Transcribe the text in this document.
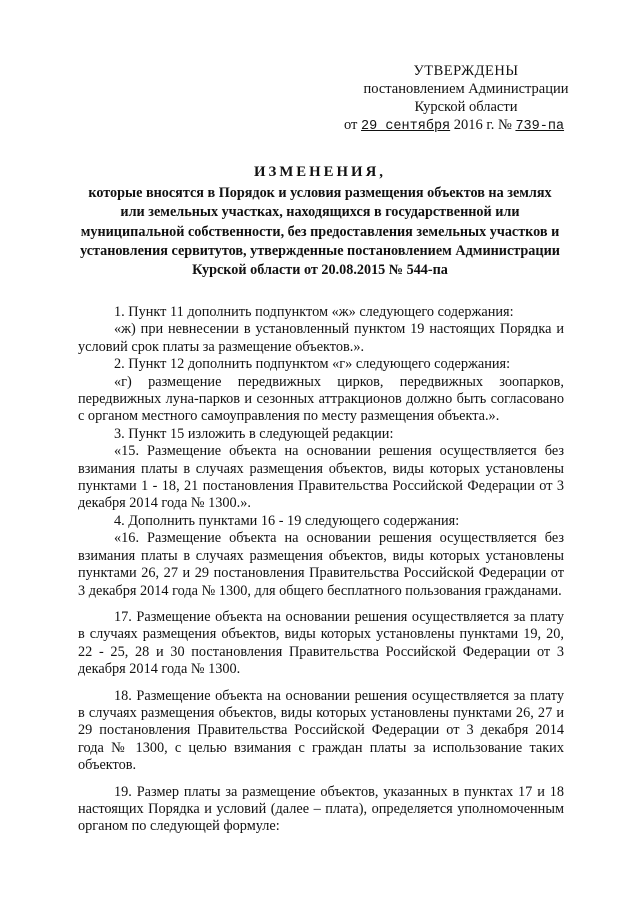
УТВЕРЖДЕНЫ
постановлением Администрации
Курской области
от 29 сентября 2016 г. № 739-па
ИЗМЕНЕНИЯ,
которые вносятся в Порядок и условия размещения объектов на землях или земельных участках, находящихся в государственной или муниципальной собственности, без предоставления земельных участков и установления сервитутов, утвержденные постановлением Администрации Курской области от 20.08.2015 № 544-па

1. Пункт 11 дополнить подпунктом «ж» следующего содержания:

«ж) при невнесении в установленный пунктом 19 настоящих Порядка и условий срок платы за размещение объектов.».

2. Пункт 12 дополнить подпунктом «г» следующего содержания:

«г) размещение передвижных цирков, передвижных зоопарков, передвижных луна-парков и сезонных аттракционов должно быть согласовано с органом местного самоуправления по месту размещения объекта.».

3. Пункт 15 изложить в следующей редакции:

«15. Размещение объекта на основании решения осуществляется без взимания платы в случаях размещения объектов, виды которых установлены пунктами 1 - 18, 21 постановления Правительства Российской Федерации от 3 декабря 2014 года № 1300.».

4. Дополнить пунктами 16 - 19 следующего содержания:

«16. Размещение объекта на основании решения осуществляется без взимания платы в случаях размещения объектов, виды которых установлены пунктами 26, 27 и 29 постановления Правительства Российской Федерации от 3 декабря 2014 года № 1300, для общего бесплатного пользования гражданами.

17. Размещение объекта на основании решения осуществляется за плату в случаях размещения объектов, виды которых установлены пунктами 19, 20, 22 - 25, 28 и 30 постановления Правительства Российской Федерации от 3 декабря 2014 года № 1300.

18. Размещение объекта на основании решения осуществляется за плату в случаях размещения объектов, виды которых установлены пунктами 26, 27 и 29 постановления Правительства Российской Федерации от 3 декабря 2014 года № 1300, с целью взимания с граждан платы за использование таких объектов.

19. Размер платы за размещение объектов, указанных в пунктах 17 и 18 настоящих Порядка и условий (далее – плата), определяется уполномоченным органом по следующей формуле:
